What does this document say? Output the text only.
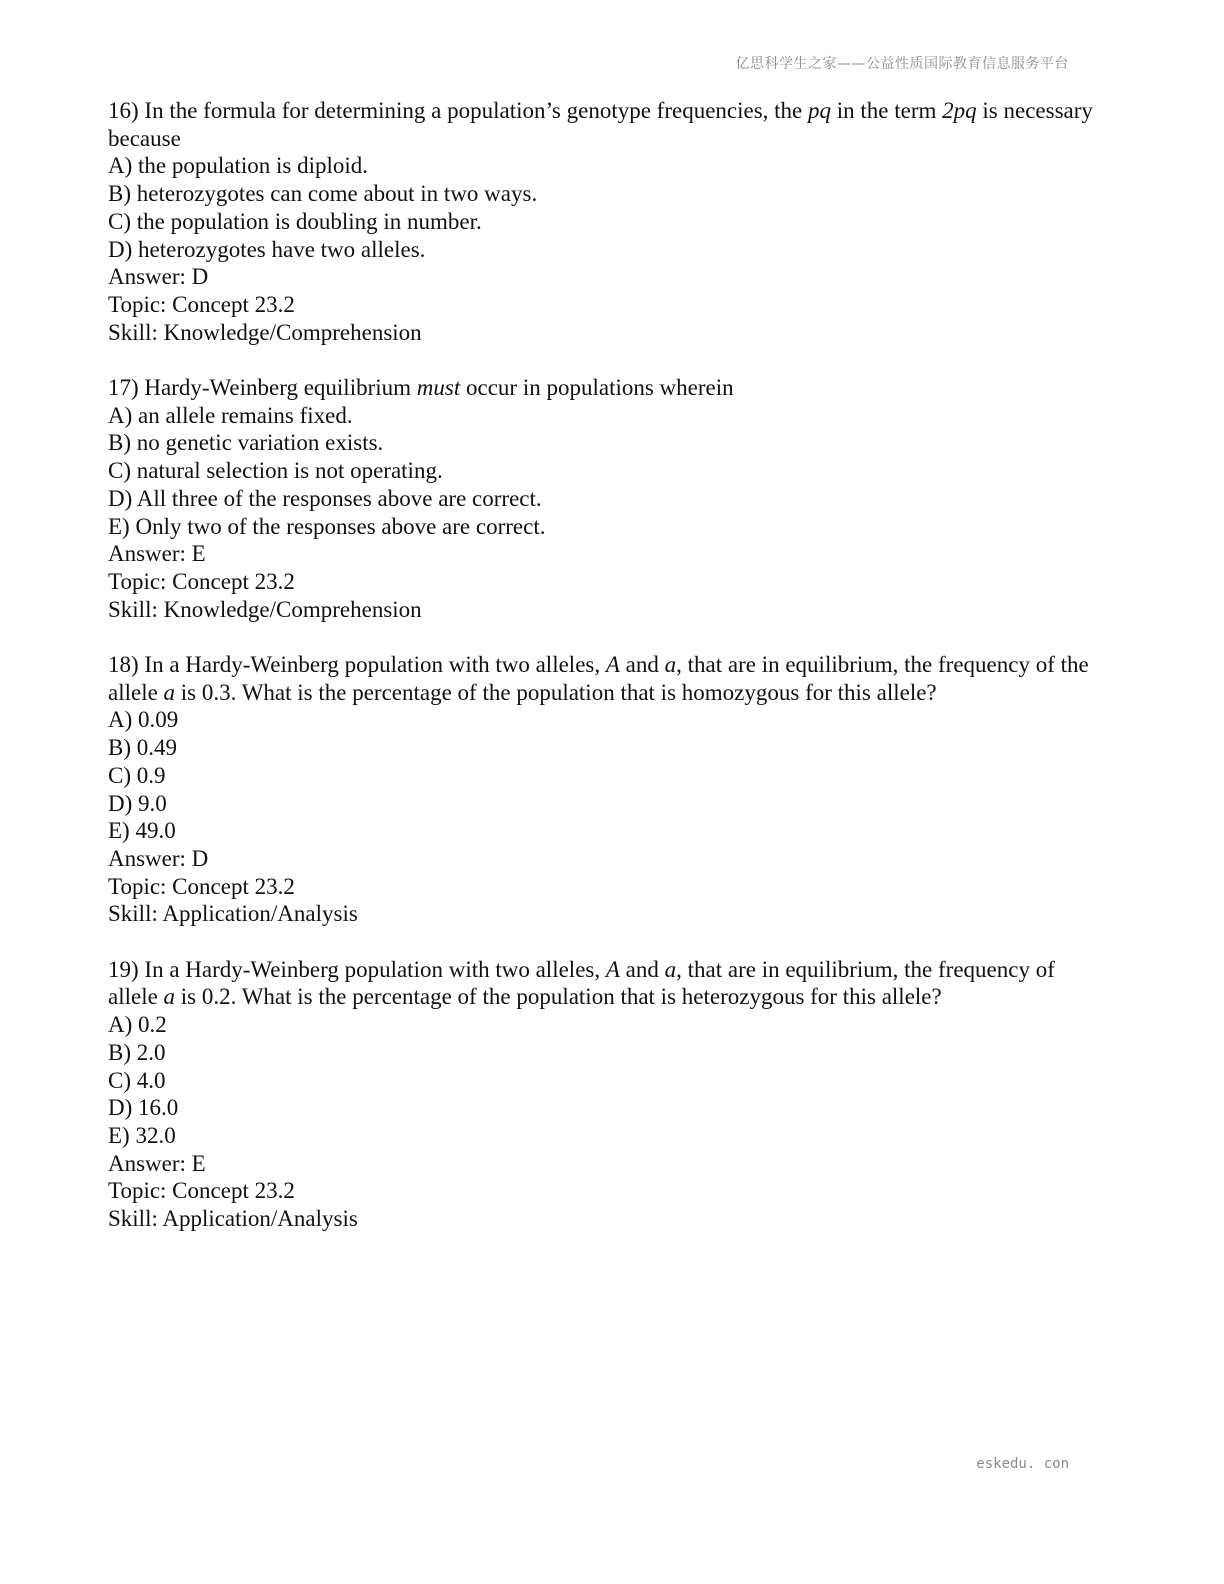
亿思科学生之家——公益性质国际教育信息服务平台
16) In the formula for determining a population’s genotype frequencies, the pq in the term 2pq is necessary because
A) the population is diploid.
B) heterozygotes can come about in two ways.
C) the population is doubling in number.
D) heterozygotes have two alleles.
Answer: D
Topic: Concept 23.2
Skill: Knowledge/Comprehension
17) Hardy-Weinberg equilibrium must occur in populations wherein
A) an allele remains fixed.
B) no genetic variation exists.
C) natural selection is not operating.
D) All three of the responses above are correct.
E) Only two of the responses above are correct.
Answer: E
Topic: Concept 23.2
Skill: Knowledge/Comprehension
18) In a Hardy-Weinberg population with two alleles, A and a, that are in equilibrium, the frequency of the allele a is 0.3. What is the percentage of the population that is homozygous for this allele?
A) 0.09
B) 0.49
C) 0.9
D) 9.0
E) 49.0
Answer: D
Topic: Concept 23.2
Skill: Application/Analysis
19) In a Hardy-Weinberg population with two alleles, A and a, that are in equilibrium, the frequency of allele a is 0.2. What is the percentage of the population that is heterozygous for this allele?
A) 0.2
B) 2.0
C) 4.0
D) 16.0
E) 32.0
Answer: E
Topic: Concept 23.2
Skill: Application/Analysis
eskedu. con
